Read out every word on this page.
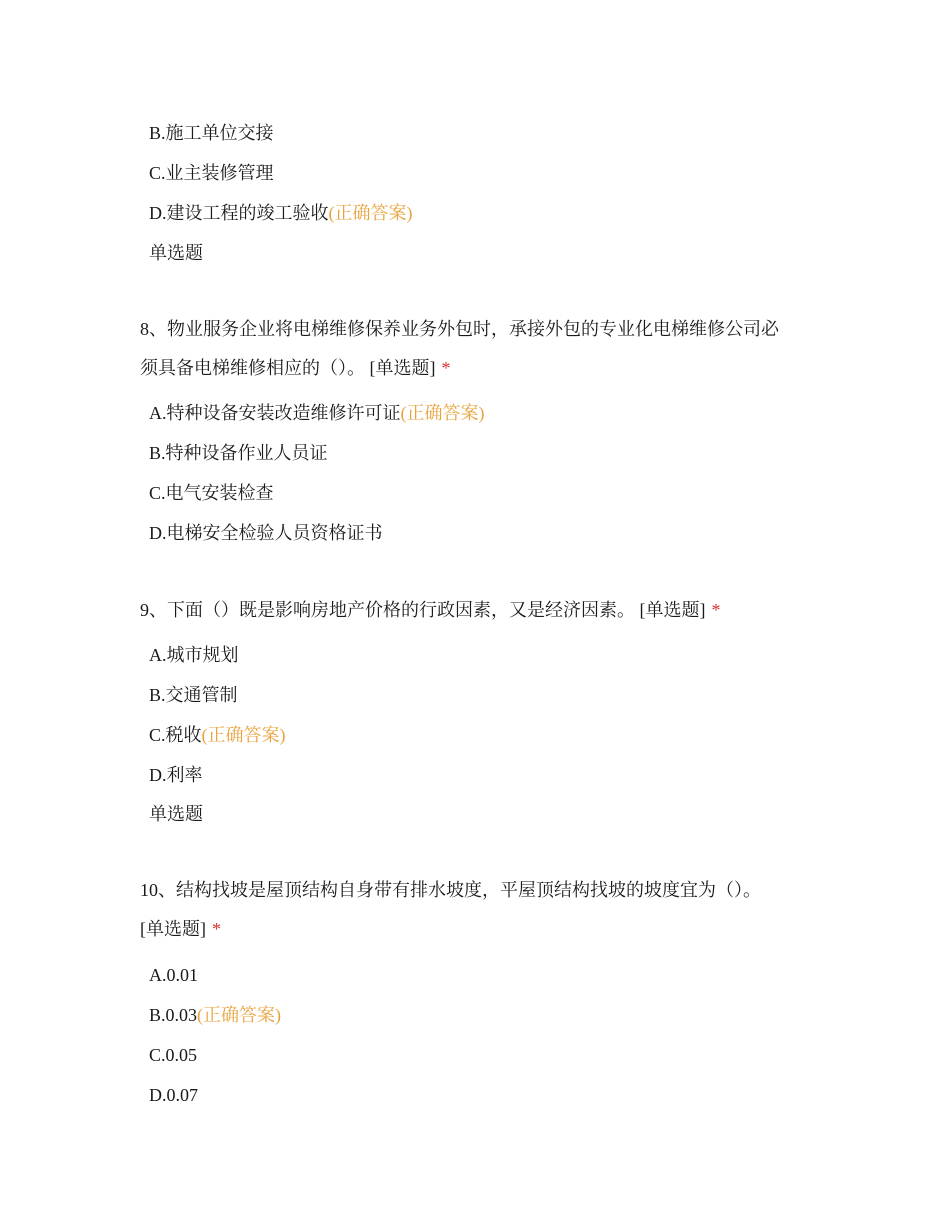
B.施工单位交接
C.业主装修管理
D.建设工程的竣工验收(正确答案)
单选题
8、物业服务企业将电梯维修保养业务外包时，承接外包的专业化电梯维修公司必
须具备电梯维修相应的（）。 [单选题] *
A.特种设备安装改造维修许可证(正确答案)
B.特种设备作业人员证
C.电气安装检查
D.电梯安全检验人员资格证书
9、下面（）既是影响房地产价格的行政因素，又是经济因素。 [单选题] *
A.城市规划
B.交通管制
C.税收(正确答案)
D.利率
单选题
10、结构找坡是屋顶结构自身带有排水坡度，平屋顶结构找坡的坡度宜为（）。
[单选题] *
A.0.01
B.0.03(正确答案)
C.0.05
D.0.07
